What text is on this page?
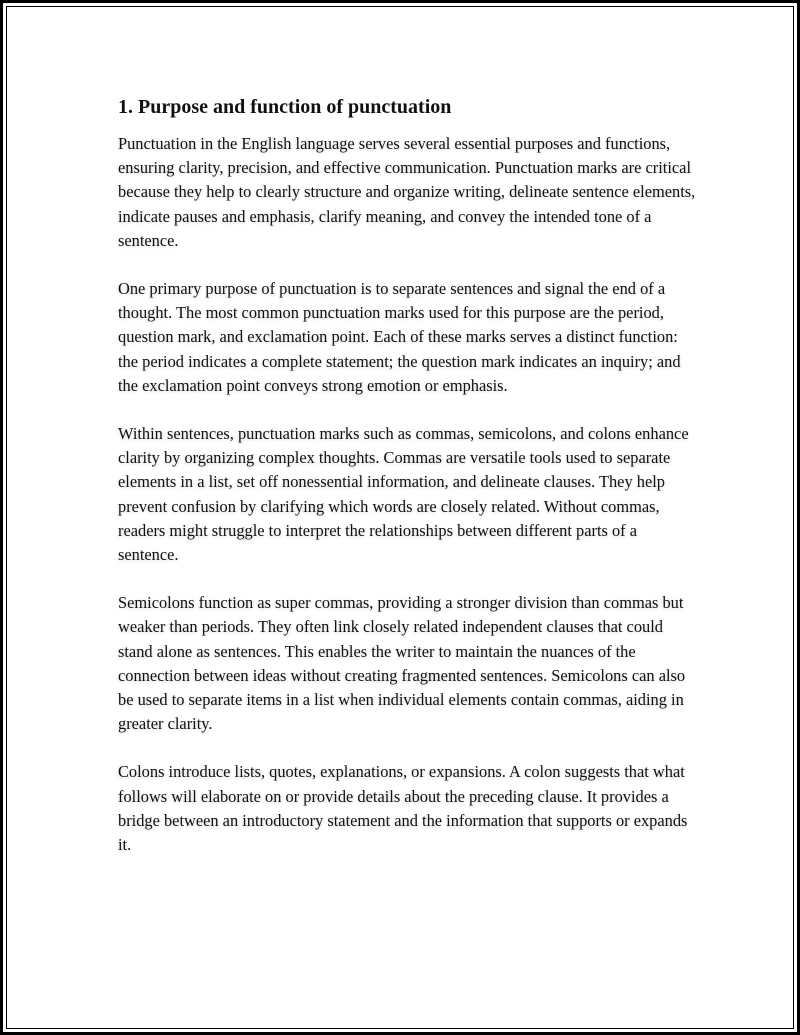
1. Purpose and function of punctuation

Punctuation in the English language serves several essential purposes and functions, ensuring clarity, precision, and effective communication. Punctuation marks are critical because they help to clearly structure and organize writing, delineate sentence elements, indicate pauses and emphasis, clarify meaning, and convey the intended tone of a sentence.

One primary purpose of punctuation is to separate sentences and signal the end of a thought. The most common punctuation marks used for this purpose are the period, question mark, and exclamation point. Each of these marks serves a distinct function: the period indicates a complete statement; the question mark indicates an inquiry; and the exclamation point conveys strong emotion or emphasis.

Within sentences, punctuation marks such as commas, semicolons, and colons enhance clarity by organizing complex thoughts. Commas are versatile tools used to separate elements in a list, set off nonessential information, and delineate clauses. They help prevent confusion by clarifying which words are closely related. Without commas, readers might struggle to interpret the relationships between different parts of a sentence.

Semicolons function as super commas, providing a stronger division than commas but weaker than periods. They often link closely related independent clauses that could stand alone as sentences. This enables the writer to maintain the nuances of the connection between ideas without creating fragmented sentences. Semicolons can also be used to separate items in a list when individual elements contain commas, aiding in greater clarity.

Colons introduce lists, quotes, explanations, or expansions. A colon suggests that what follows will elaborate on or provide details about the preceding clause. It provides a bridge between an introductory statement and the information that supports or expands it.
